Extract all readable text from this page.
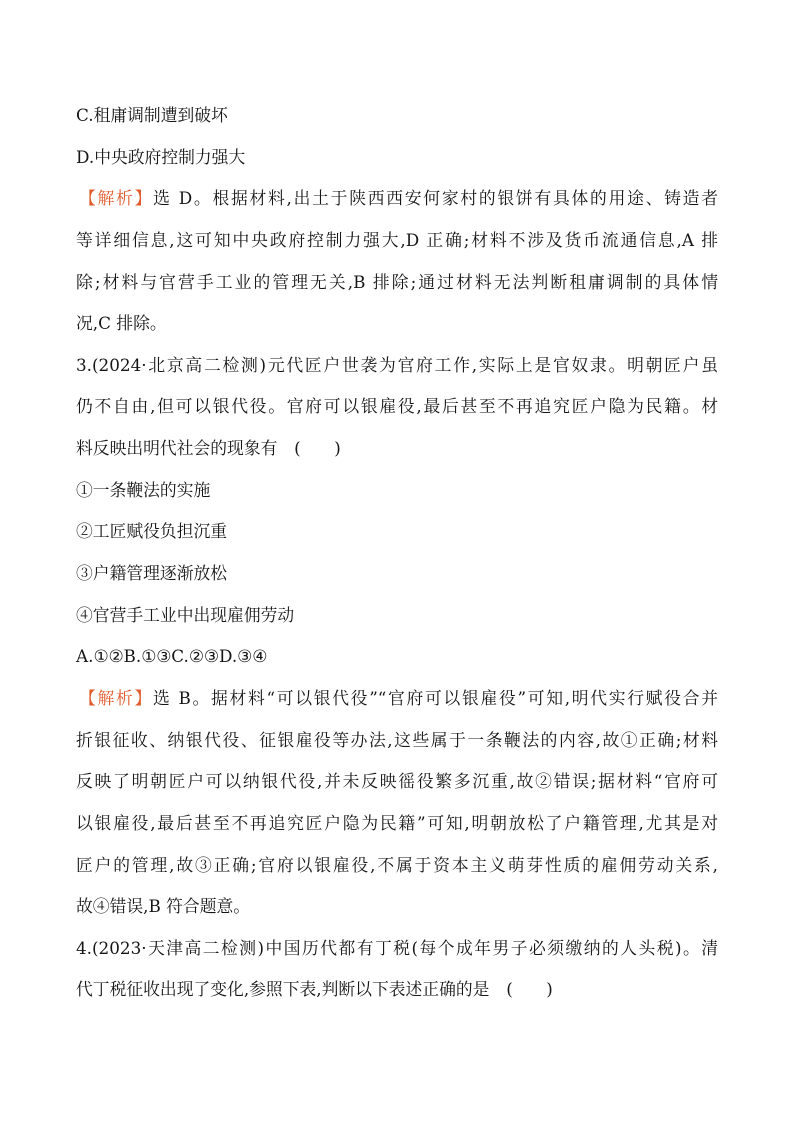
C.租庸调制遭到破坏
D.中央政府控制力强大
【解析】选 D。根据材料,出土于陕西西安何家村的银饼有具体的用途、铸造者
等详细信息,这可知中央政府控制力强大,D 正确;材料不涉及货币流通信息,A 排
除;材料与官营手工业的管理无关,B 排除;通过材料无法判断租庸调制的具体情
况,C 排除。
3.(2024·北京高二检测)元代匠户世袭为官府工作,实际上是官奴隶。明朝匠户虽
仍不自由,但可以银代役。官府可以银雇役,最后甚至不再追究匠户隐为民籍。材
料反映出明代社会的现象有　(　　)
①一条鞭法的实施
②工匠赋役负担沉重
③户籍管理逐渐放松
④官营手工业中出现雇佣劳动
A.①②B.①③C.②③D.③④
【解析】选 B。据材料“可以银代役”“官府可以银雇役”可知,明代实行赋役合并
折银征收、纳银代役、征银雇役等办法,这些属于一条鞭法的内容,故①正确;材料
反映了明朝匠户可以纳银代役,并未反映徭役繁多沉重,故②错误;据材料“官府可
以银雇役,最后甚至不再追究匠户隐为民籍”可知,明朝放松了户籍管理,尤其是对
匠户的管理,故③正确;官府以银雇役,不属于资本主义萌芽性质的雇佣劳动关系,
故④错误,B 符合题意。
4.(2023·天津高二检测)中国历代都有丁税(每个成年男子必须缴纳的人头税)。清
代丁税征收出现了变化,参照下表,判断以下表述正确的是　(　　)
